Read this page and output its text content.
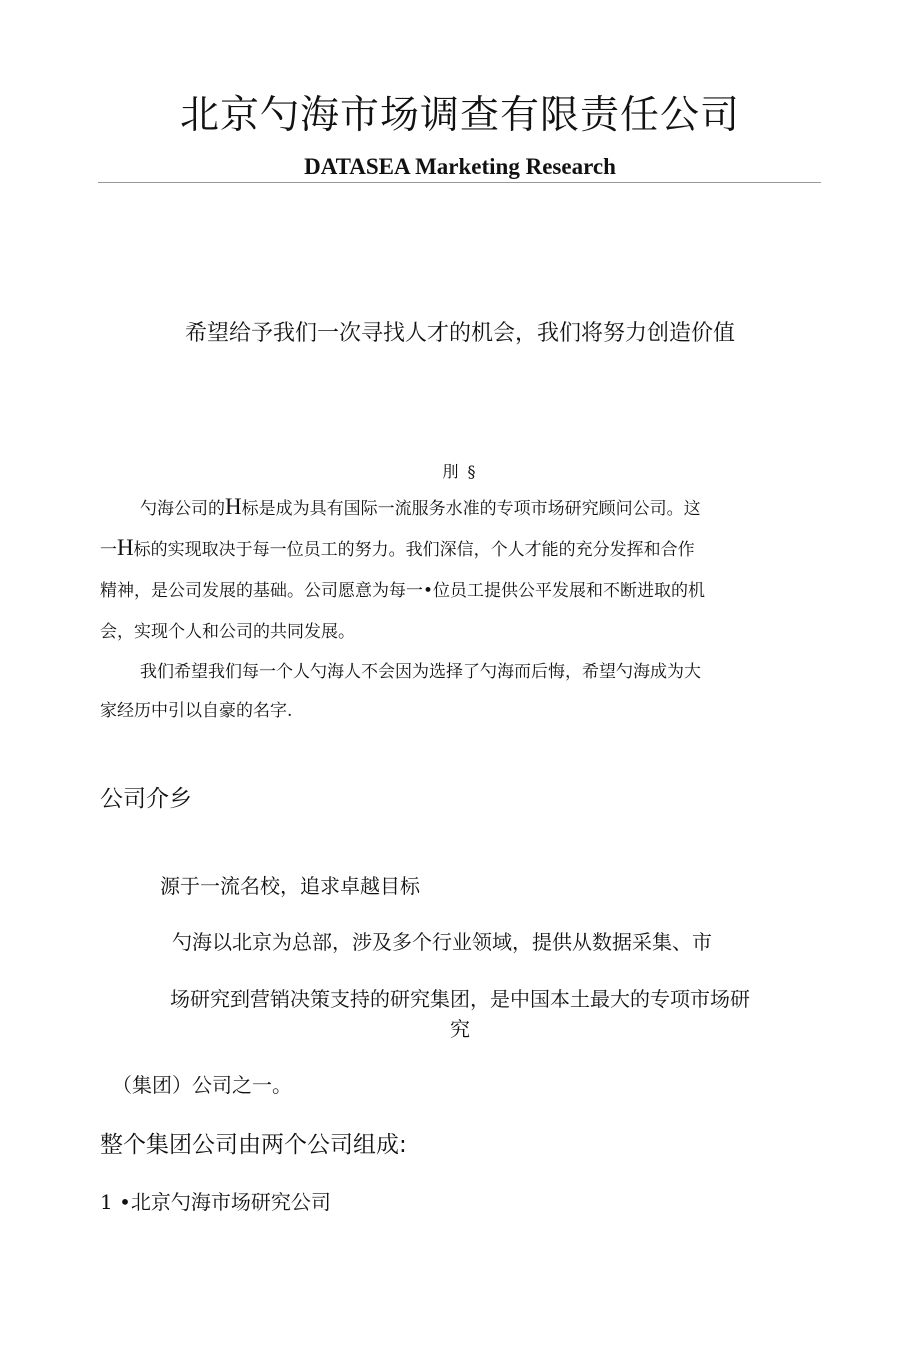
北京勺海市场调查有限责任公司
DATASEA Marketing Research
希望给予我们一次寻找人才的机会，我们将努力创造价值
刖 §
勺海公司的H标是成为具有国际一流服务水准的专项市场研究顾问公司。这
一H标的实现取决于每一位员工的努力。我们深信，个人才能的充分发挥和合作
精神，是公司发展的基础。公司愿意为每一•位员工提供公平发展和不断进取的机
会，实现个人和公司的共同发展。
我们希望我们每一个人勺海人不会因为选择了勺海而后悔，希望勺海成为大
家经历中引以自豪的名字.
公司介乡
源于一流名校，追求卓越目标
勺海以北京为总部，涉及多个行业领域，提供从数据采集、市
场研究到营销决策支持的研究集团，是中国本土最大的专项市场研
究
（集团）公司之一。
整个集团公司由两个公司组成:
1 •北京勺海市场研究公司
